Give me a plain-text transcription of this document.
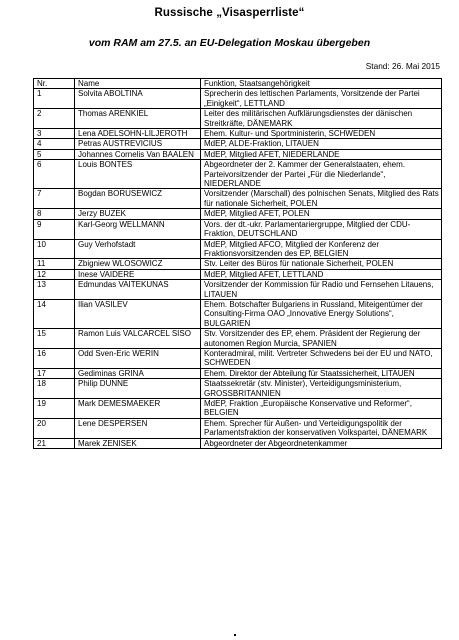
Russische „Visasperrliste“
vom RAM am 27.5. an EU-Delegation Moskau übergeben
Stand: 26. Mai 2015
Nr.	Name	Funktion, Staatsangehörigkeit
1	Solvita ABOLTINA	Sprecherin des lettischen Parlaments, Vorsitzende der Partei „Einigkeit“, LETTLAND
2	Thomas ARENKIEL	Leiter des militärischen Aufklärungsdienstes der dänischen Streitkräfte, DÄNEMARK
3	Lena ADELSOHN-LILJEROTH	Ehem. Kultur- und Sportministerin, SCHWEDEN
4	Petras AUSTREVICIUS	MdEP, ALDE-Fraktion, LITAUEN
5	Johannes Cornelis Van BAALEN	MdEP, Mitglied AFET, NIEDERLANDE
6	Louis BONTES	Abgeordneter der 2. Kammer der Generalstaaten, ehem. Parteivorsitzender der Partei „Für die Niederlande“, NIEDERLANDE
7	Bogdan BORUSEWICZ	Vorsitzender (Marschall) des polnischen Senats, Mitglied des Rats für nationale Sicherheit, POLEN
8	Jerzy BUZEK	MdEP, Mitglied AFET, POLEN
9	Karl-Georg WELLMANN	Vors. der dt.-ukr. Parlamentariergruppe, Mitglied der CDU-Fraktion, DEUTSCHLAND
10	Guy Verhofstadt	MdEP, Mitglied AFCO, Mitglied der Konferenz der Fraktionsvorsitzenden des EP, BELGIEN
11	Zbigniew WLOSOWICZ	Stv. Leiter des Büros für nationale Sicherheit, POLEN
12	Inese VAIDERE	MdEP, Mitglied AFET, LETTLAND
13	Edmundas VAITEKUNAS	Vorsitzender der Kommission für Radio und Fernsehen Litauens, LITAUEN
14	Ilian VASILEV	Ehem. Botschafter Bulgariens in Russland, Miteigentümer der Consulting-Firma OAO „Innovative Energy Solutions“, BULGARIEN
15	Ramon Luis VALCARCEL SISO	Stv. Vorsitzender des EP, ehem. Präsident der Regierung der autonomen Region Murcia, SPANIEN
16	Odd Sven-Eric WERIN	Konteradmiral, milit. Vertreter Schwedens bei der EU und NATO, SCHWEDEN
17	Gediminas GRINA	Ehem. Direktor der Abteilung für Staatssicherheit, LITAUEN
18	Philip DUNNE	Staatssekretär (stv. Minister), Verteidigungsministerium, GROSSBRITANNIEN
19	Mark DEMESMAEKER	MdEP, Fraktion „Europäische Konservative und Reformer“, BELGIEN
20	Lene DESPERSEN	Ehem. Sprecher für Außen- und Verteidigungspolitik der Parlamentsfraktion der konservativen Volkspartei, DÄNEMARK
21	Marek ZENISEK	Abgeordneter der Abgeordnetenkammer
